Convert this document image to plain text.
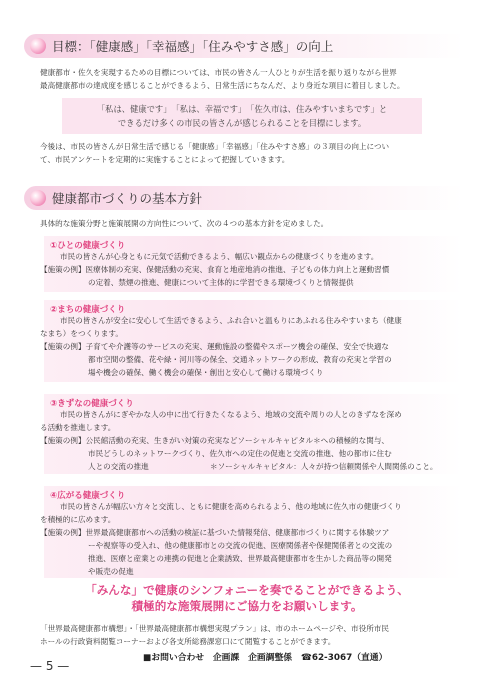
目標：「健康感」「幸福感」「住みやすさ感」の向上

健康都市・佐久を実現するための目標については、市民の皆さん一人ひとりが生活を振り返りながら世界

最高健康都市の達成度を感じることができるよう、日常生活にちなんだ、より身近な項目に着目しました。

「私は、健康です」　「私は、幸福です」　「佐久市は、住みやすいまちです」と
できるだけ多くの市民の皆さんが感じられることを目標にします。

今後は、市民の皆さんが日常生活で感じる「健康感」「幸福感」「住みやすさ感」の３項目の向上につい

て、市民アンケートを定期的に実施することによって把握していきます。

健康都市づくりの基本方針

具体的な施策分野と施策展開の方向性について、次の４つの基本方針を定めました。

①ひとの健康づくり
市民の皆さんが心身ともに元気で活動できるよう、幅広い観点からの健康づくりを進めます。
【施策の例】医療体制の充実、保健活動の充実、食育と地産地消の推進、子どもの体力向上と運動習慣
の定着、禁煙の推進、健康について主体的に学習できる環境づくりと情報提供
②まちの健康づくり
市民の皆さんが安全に安心して生活できるよう、ふれ合いと温もりにあふれる住みやすいまち（健康
なまち）をつくります。
【施策の例】子育てや介護等のサービスの充実、運動施設の整備やスポーツ機会の確保、安全で快適な
都市空間の整備、花や緑・河川等の保全、交通ネットワークの形成、教育の充実と学習の
場や機会の確保、働く機会の確保・創出と安心して働ける環境づくり
③きずなの健康づくり
市民の皆さんがにぎやかな人の中に出て行きたくなるよう、地域の交流や周りの人とのきずなを深め
る活動を推進します。
【施策の例】公民館活動の充実、生きがい対策の充実などソーシャルキャピタル＊への積極的な関与、
市民どうしのネットワークづくり、佐久市への定住の促進と交流の推進、他の都市に住む
人との交流の推進	＊ソーシャルキャピタル：人々が持つ信頼関係や人間関係のこと。
④広がる健康づくり
市民の皆さんが幅広い方々と交流し、ともに健康を高められるよう、他の地域に佐久市の健康づくり
を積極的に広めます。
【施策の例】世界最高健康都市への活動の検証に基づいた情報発信、健康都市づくりに関する体験ツア
ーや視察等の受入れ、他の健康都市との交流の促進、医療関係者や保健関係者との交流の
推進、医療と産業との連携の促進と企業誘致、世界最高健康都市を生かした商品等の開発
や販売の促進
「みんな」で健康のシンフォニーを奏でることができるよう、
積極的な施策展開にご協力をお願いします。
「世界最高健康都市構想」・「世界最高健康都市構想実現プラン」は、市のホームページや、市役所市民
ホールの行政資料閲覧コーナーおよび各支所総務課窓口にて閲覧することができます。
■お問い合わせ　企画課　企画調整係　☎62-3067（直通）
— 5 —
